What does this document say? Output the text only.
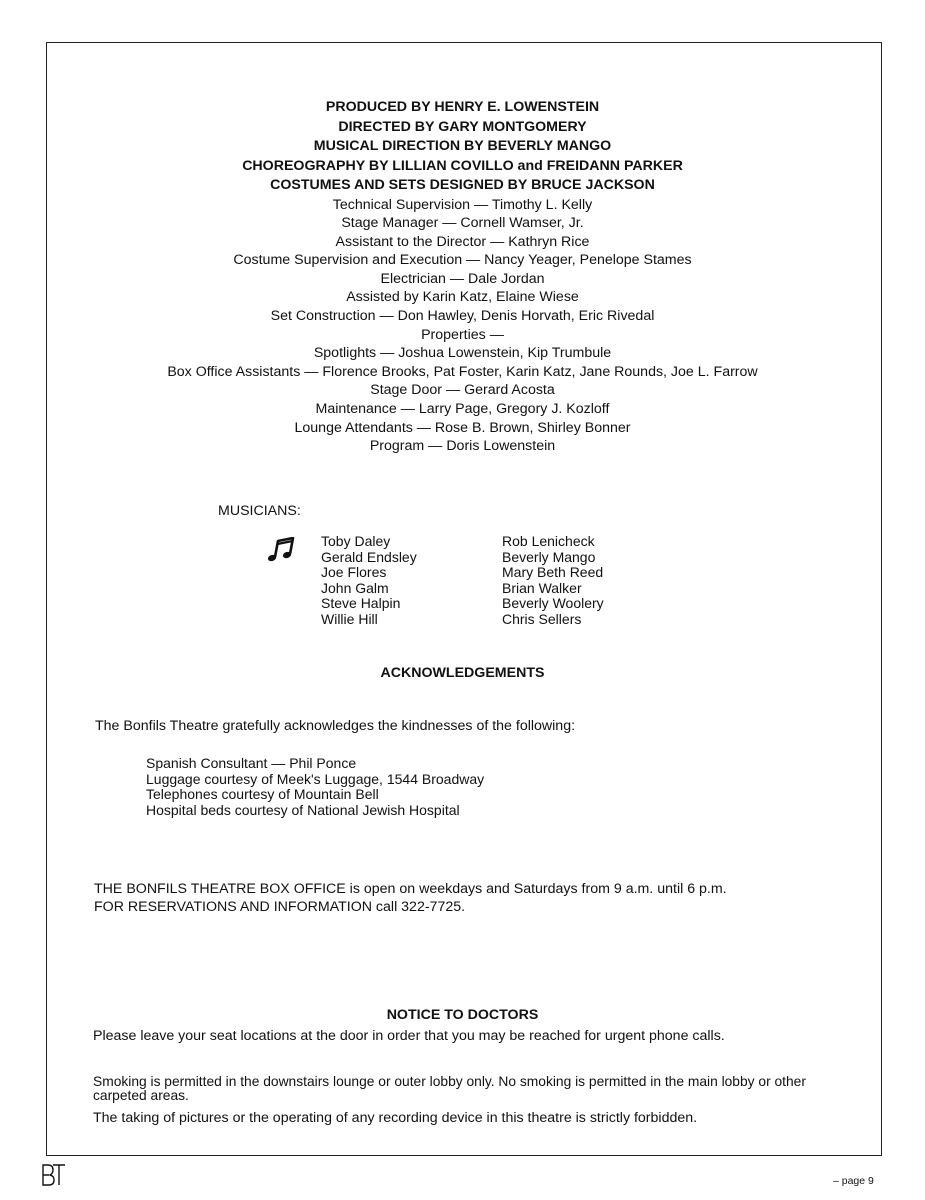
PRODUCED BY HENRY E. LOWENSTEIN
DIRECTED BY GARY MONTGOMERY
MUSICAL DIRECTION BY BEVERLY MANGO
CHOREOGRAPHY BY LILLIAN COVILLO and FREIDANN PARKER
COSTUMES AND SETS DESIGNED BY BRUCE JACKSON
Technical Supervision — Timothy L. Kelly
Stage Manager — Cornell Wamser, Jr.
Assistant to the Director — Kathryn Rice
Costume Supervision and Execution — Nancy Yeager, Penelope Stames
Electrician — Dale Jordan
Assisted by Karin Katz, Elaine Wiese
Set Construction — Don Hawley, Denis Horvath, Eric Rivedal
Properties —
Spotlights — Joshua Lowenstein, Kip Trumbule
Box Office Assistants — Florence Brooks, Pat Foster, Karin Katz, Jane Rounds, Joe L. Farrow
Stage Door — Gerard Acosta
Maintenance — Larry Page, Gregory J. Kozloff
Lounge Attendants — Rose B. Brown, Shirley Bonner
Program — Doris Lowenstein
MUSICIANS:
Toby Daley
Gerald Endsley
Joe Flores
John Galm
Steve Halpin
Willie Hill
Rob Lenicheck
Beverly Mango
Mary Beth Reed
Brian Walker
Beverly Woolery
Chris Sellers
ACKNOWLEDGEMENTS
The Bonfils Theatre gratefully acknowledges the kindnesses of the following:
Spanish Consultant — Phil Ponce
Luggage courtesy of Meek's Luggage, 1544 Broadway
Telephones courtesy of Mountain Bell
Hospital beds courtesy of National Jewish Hospital
THE BONFILS THEATRE BOX OFFICE is open on weekdays and Saturdays from 9 a.m. until 6 p.m.
FOR RESERVATIONS AND INFORMATION call 322-7725.
NOTICE TO DOCTORS
Please leave your seat locations at the door in order that you may be reached for urgent phone calls.
Smoking is permitted in the downstairs lounge or outer lobby only. No smoking is permitted in the main lobby or other carpeted areas.
The taking of pictures or the operating of any recording device in this theatre is strictly forbidden.
– page 9
